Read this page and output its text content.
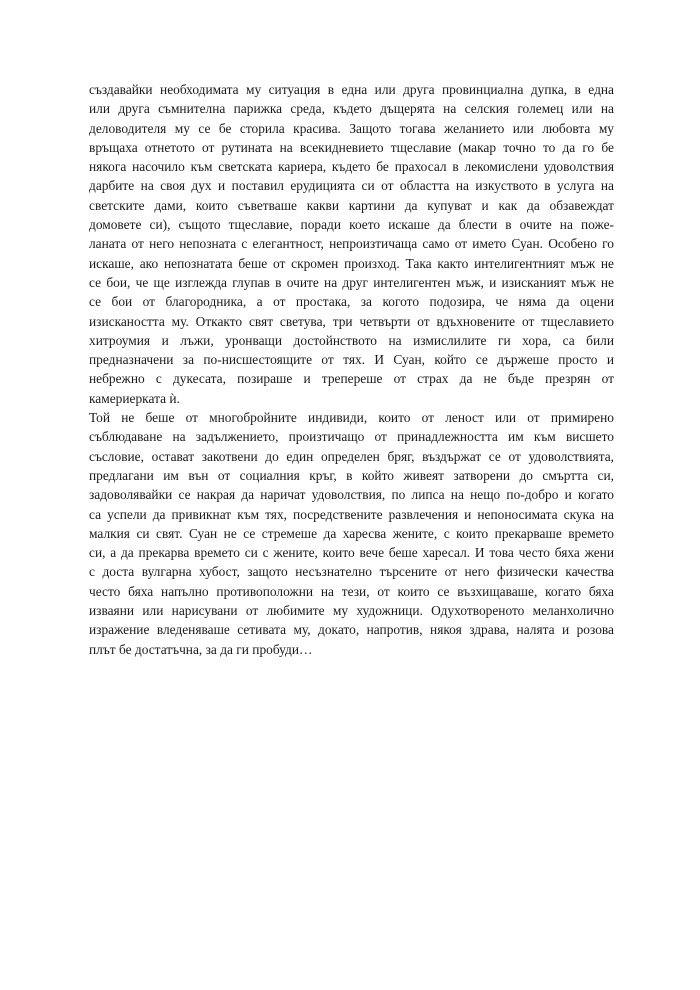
създавайки необходимата му ситуация в една или друга провинциална дупка, в една
или друга съмнителна парижка среда, където дъщерята на селския големец или на
деловодителя му се бе сторила красива. Защото тогава желанието или любовта му
връщаха отнетото от рутината на всекидневието тщеславие (макар точно то да го бе
някога насочило към светската кариера, където бе прахосал в лекомислени удоволствия
дарбите на своя дух и поставил ерудицията си от областта на изкуството в услуга на
светските дами, които съветваше какви картини да купуват и как да обзавеждат
домовете си), същото тщеславие, поради което искаше да блести в очите на поже-
ланата от него непозната с елегантност, непроизтичаща само от името Суан. Особено го
искаше, ако непознатата беше от скромен произход. Така както интелигентният мъж не
се бои, че ще изглежда глупав в очите на друг интелигентен мъж, и изисканият мъж не
се бои от благородника, а от простака, за когото подозира, че няма да оцени
изискаността му. Откакто свят светува, три четвърти от вдъхновените от тщеславието
хитроумия и лъжи, уронващи достойнството на измислилите ги хора, са били
предназначени за по-нисшестоящите от тях. И Суан, който се държеше просто и
небрежно с дукесата, позираше и трепереше от страх да не бъде презрян от
камериерката ѝ.
Той не беше от многобройните индивиди, които от леност или от примирено
съблюдаване на задължението, произтичащо от принадлежността им към висшето
съсловие, остават закотвени до един определен бряг, въздържат се от удоволствията,
предлагани им вън от социалния кръг, в който живеят затворени до смъртта си,
задоволявайки се накрая да наричат удоволствия, по липса на нещо по-добро и когато
са успели да привикнат към тях, посредствените развлечения и непоносимата скука на
малкия си свят. Суан не се стремеше да харесва жените, с които прекарваше времето
си, а да прекарва времето си с жените, които вече беше харесал. И това често бяха жени
с доста вулгарна хубост, защото несъзнателно търсените от него физически качества
често бяха напълно противоположни на тези, от които се възхищаваше, когато бяха
изваяни или нарисувани от любимите му художници. Одухотвореното меланхолично
изражение вледеняваше сетивата му, докато, напротив, някоя здрава, налята и розова
плът бе достатъчна, за да ги пробуди…
